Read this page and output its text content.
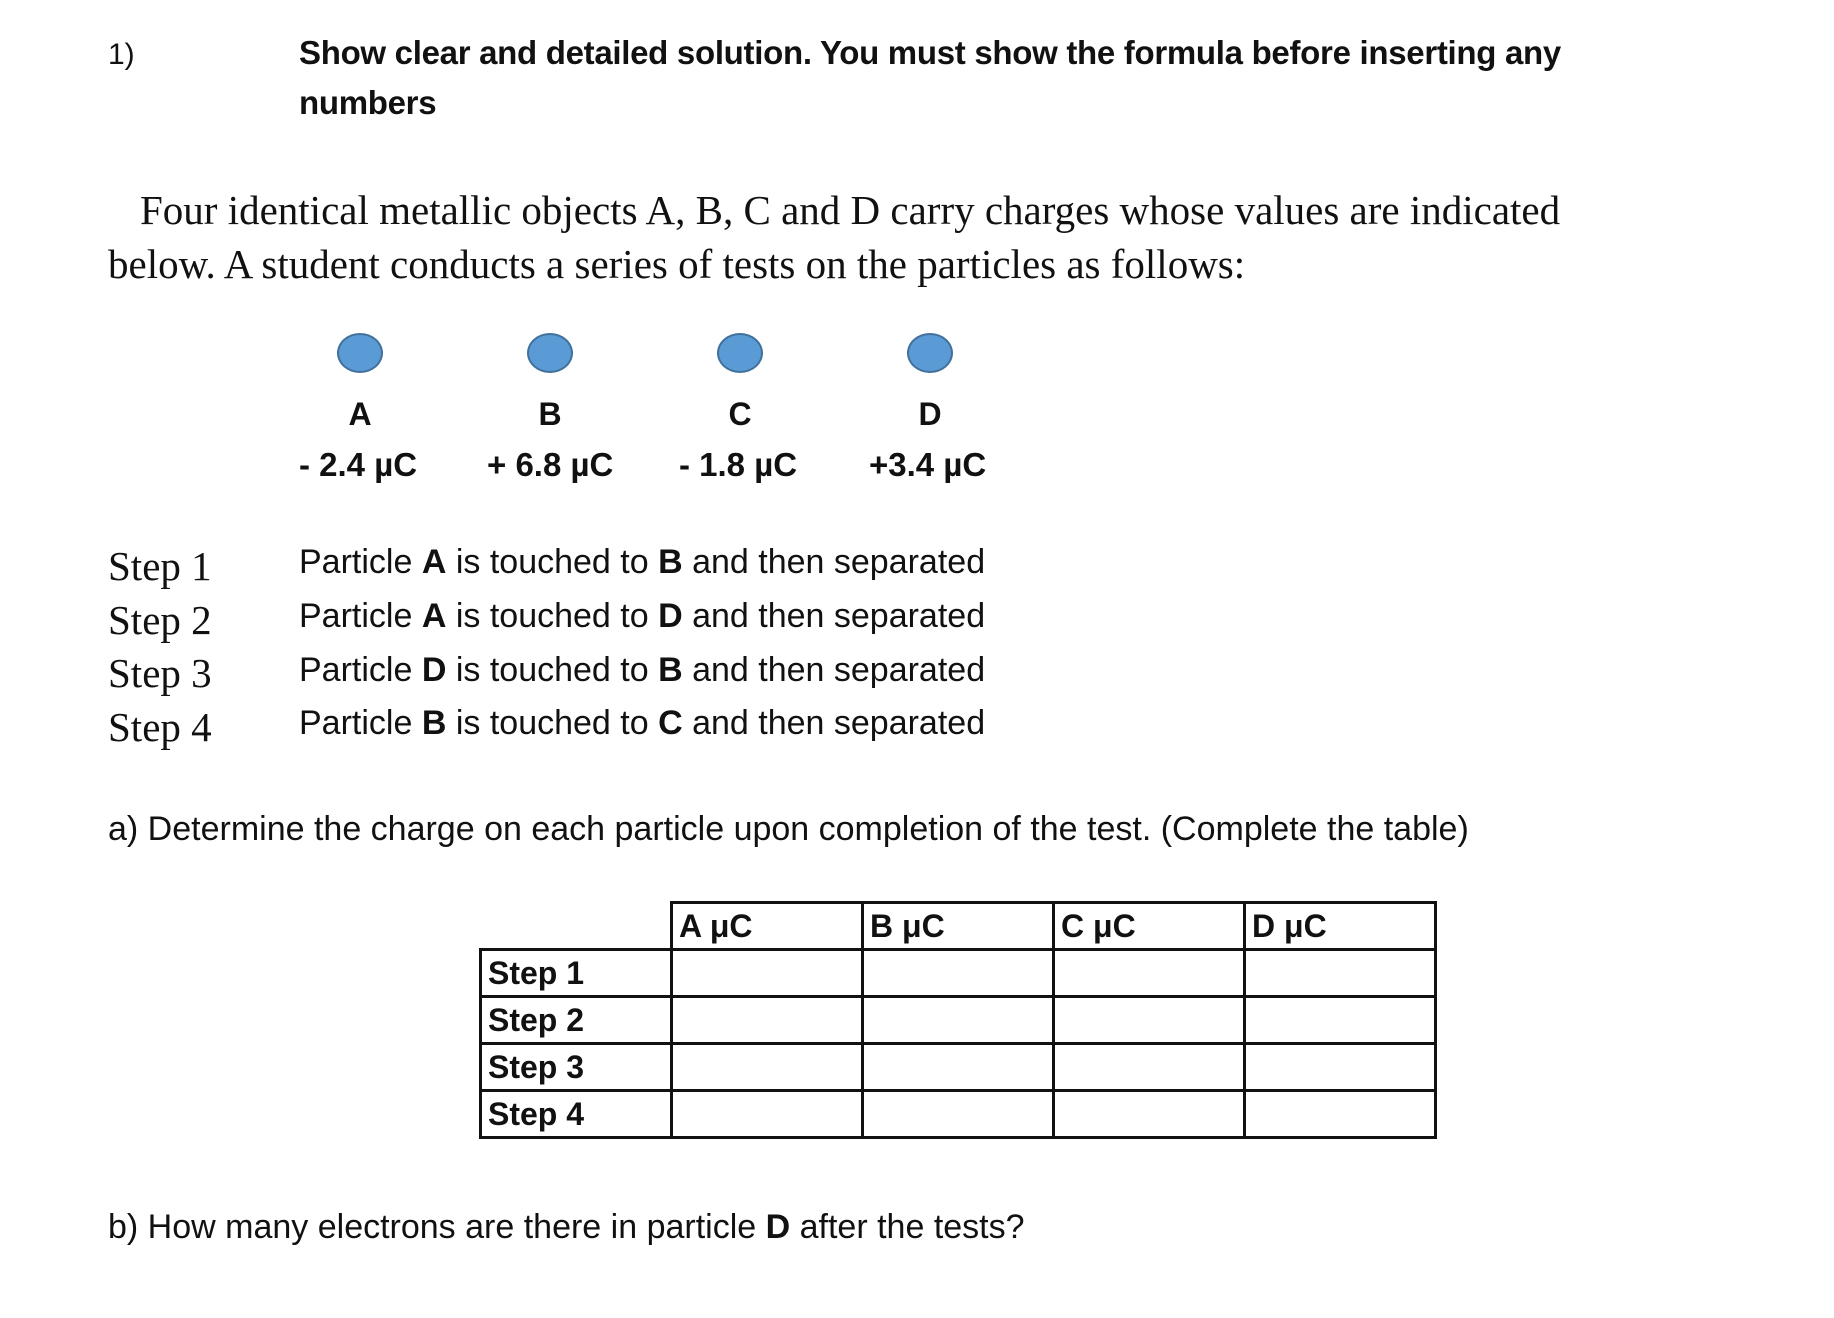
1)	Show clear and detailed solution. You must show the formula before inserting any
numbers
Four identical metallic objects A, B, C and D carry charges whose values are indicated
below. A student conducts a series of tests on the particles as follows:
A	B	C	D
- 2.4 µC + 6.8 µC - 1.8 µC +3.4 µC
Step 1	Particle A is touched to B and then separated
Step 2	Particle A is touched to D and then separated
Step 3	Particle D is touched to B and then separated
Step 4	Particle B is touched to C and then separated
a) Determine the charge on each particle upon completion of the test. (Complete the table)
	A μC	B μC	C μC	D μC
Step 1				
Step 2				
Step 3				
Step 4				
b) How many electrons are there in particle D after the tests?
